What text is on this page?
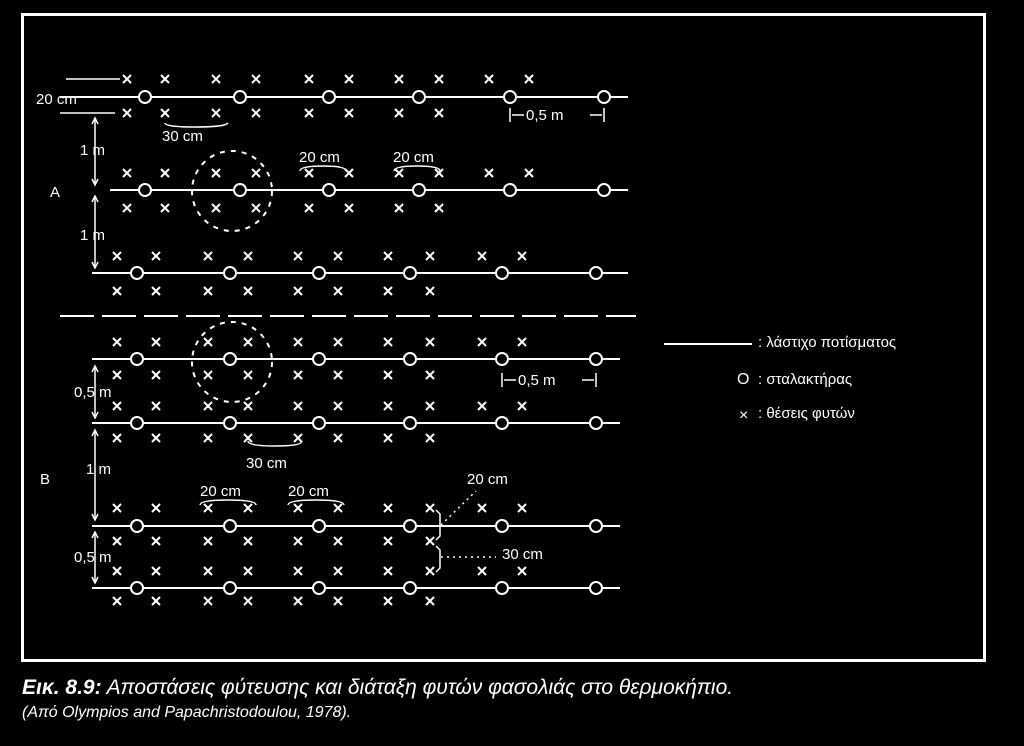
A
B
20 cm
30 cm
0,5 m
1 m
1 m
20 cm	20 cm
0,5 m
0,5 m
30 cm
1 m
20 cm	20 cm
20 cm
30 cm
0,5 m
: λάστιχο ποτίσματος
O : σταλακτήρας
× : θέσεις φυτών
Εικ. 8.9: Αποστάσεις φύτευσης και διάταξη φυτών φασολιάς στο θερμοκήπιο.
(Από Olympios and Papachristodoulou, 1978).
